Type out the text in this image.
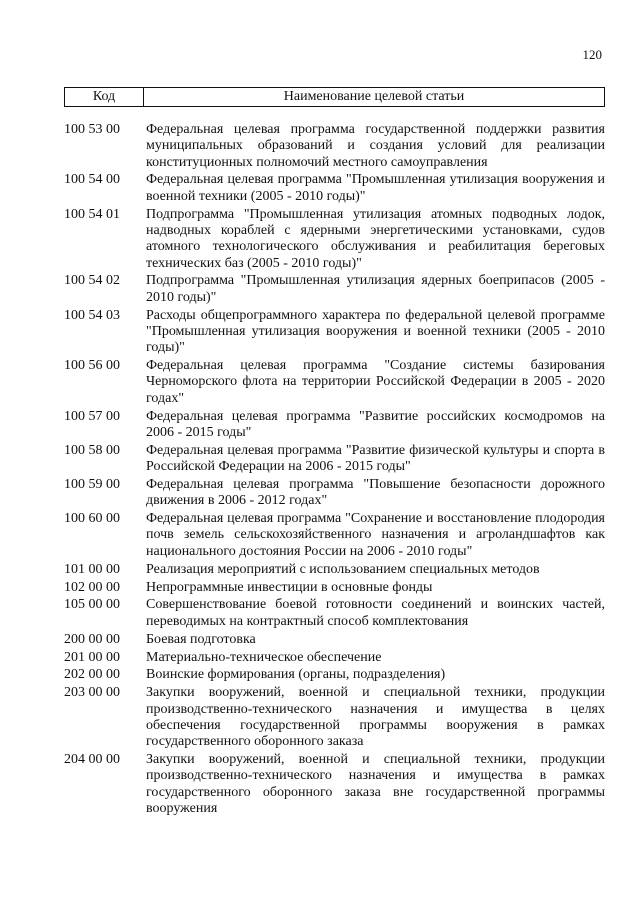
120
Код	Наименование целевой статьи
100 53 00	Федеральная целевая программа государственной поддержки развития муниципальных образований и создания условий для реализации конституционных полномочий местного самоуправления
100 54 00	Федеральная целевая программа "Промышленная утилизация вооружения и военной техники (2005 - 2010 годы)"
100 54 01	Подпрограмма "Промышленная утилизация атомных подводных лодок, надводных кораблей с ядерными энергетическими установками, судов атомного технологического обслуживания и реабилитация береговых технических баз (2005 - 2010 годы)"
100 54 02	Подпрограмма "Промышленная утилизация ядерных боеприпасов (2005 - 2010 годы)"
100 54 03	Расходы общепрограммного характера по федеральной целевой программе "Промышленная утилизация вооружения и военной техники (2005 - 2010 годы)"
100 56 00	Федеральная целевая программа "Создание системы базирования Черноморского флота на территории Российской Федерации в 2005 - 2020 годах"
100 57 00	Федеральная целевая программа "Развитие российских космодромов на 2006 - 2015 годы"
100 58 00	Федеральная целевая программа "Развитие физической культуры и спорта в Российской Федерации на 2006 - 2015 годы"
100 59 00	Федеральная целевая программа "Повышение безопасности дорожного движения в 2006 - 2012 годах"
100 60 00	Федеральная целевая программа "Сохранение и восстановление плодородия почв земель сельскохозяйственного назначения и агроландшафтов как национального достояния России на 2006 - 2010 годы"
101 00 00	Реализация мероприятий с использованием специальных методов
102 00 00	Непрограммные инвестиции в основные фонды
105 00 00	Совершенствование боевой готовности соединений и воинских частей, переводимых на контрактный способ комплектования
200 00 00	Боевая подготовка
201 00 00	Материально-техническое обеспечение
202 00 00	Воинские формирования (органы, подразделения)
203 00 00	Закупки вооружений, военной и специальной техники, продукции производственно-технического назначения и имущества в целях обеспечения государственной программы вооружения в рамках государственного оборонного заказа
204 00 00	Закупки вооружений, военной и специальной техники, продукции производственно-технического назначения и имущества в рамках государственного оборонного заказа вне государственной программы вооружения
